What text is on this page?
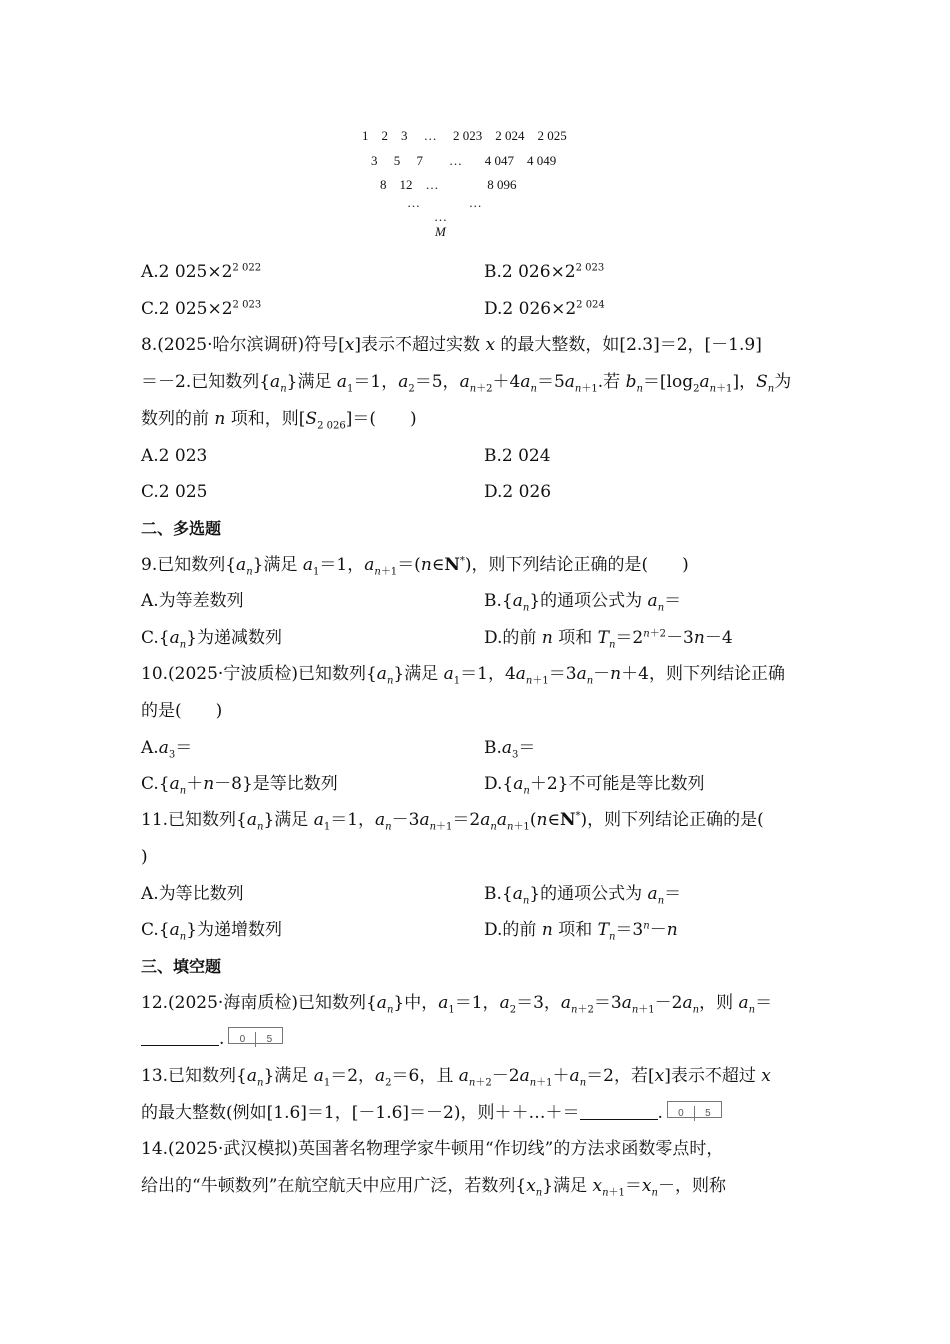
1 2 3 … 2 023 2 024 2 025
3 5 7 … 4 047 4 049
8 12 …	8 096
…	…
…
M
A.2 $025\times 2^{2 022}$	B.2 $026\times 2^{2 023}$
C.2 $025\times 2^{2 023}$	D.2 $026\times 2^{2 024}$
8.(2025·哈尔滨调研)符号[x]表示不超过实数 x 的最大整数，如[2.3]＝2，[－1.9]
＝－2.已知数列$\{a_n\}$满足 $a_1=1$，$a_2=5$，$a_{n+2}+4a_n=5a_{n+1}$.若 $b_n=[\log_2a_{n+1}]$，$S_n$为
数列的前 n 项和，则$[S_{2 026}]=$(　　)
A.2 023	B.2 024
C.2 025	D.2 026
二、多选题
9.已知数列$\{a_n\}$满足 $a_1=1$，$a_{n+1}=(n\in N^*)$，则下列结论正确的是(　　)
A.为等差数列	$B.\{a_n\}$的通项公式为 $a_n=$
$C.\{a_n\}$为递减数列	D.的前 n 项和 $T_n=2^{n+2}-3n-4$
10.(2025·宁波质检)已知数列$\{a_n\}$满足 $a_1=1$，$4a_{n+1}=3a_n-n+4$，则下列结论正确
的是(　　)
$A.a_3=$	$B.a_3=$
$C.\{a_n+n-8\}$是等比数列	$D.\{a_n+2\}$不可能是等比数列
11.已知数列$\{a_n\}$满足 $a_1=1$，$a_n-3a_{n+1}=2a_na_{n+1}(n\in N^*)$，则下列结论正确的是(
)
A.为等比数列	$B.\{a_n\}$的通项公式为 $a_n=$
$C.\{a_n\}$为递增数列	D.的前 n 项和 $T_n=3^n-n$
三、填空题
12.(2025·海南质检)已知数列$\{a_n\}$中，$a_1=1$，$a_2=3$，$a_{n+2}=3a_{n+1}-2a_n$，则 $a_n=$
. 0 5
13.已知数列$\{a_n\}$满足 $a_1=2$，$a_2=6$，且 $a_{n+2}-2a_{n+1}+a_n=2$，若[x]表示不超过 x
的最大整数(例如[1.6]＝1，[－1.6]＝－2)，则＋＋…＋＝	. 0 5
14.(2025·武汉模拟)英国著名物理学家牛顿用“作切线”的方法求函数零点时，
给出的“牛顿数列”在航空航天中应用广泛，若数列$\{x_n\}$满足 $x_{n+1}=x_n-$，则称
